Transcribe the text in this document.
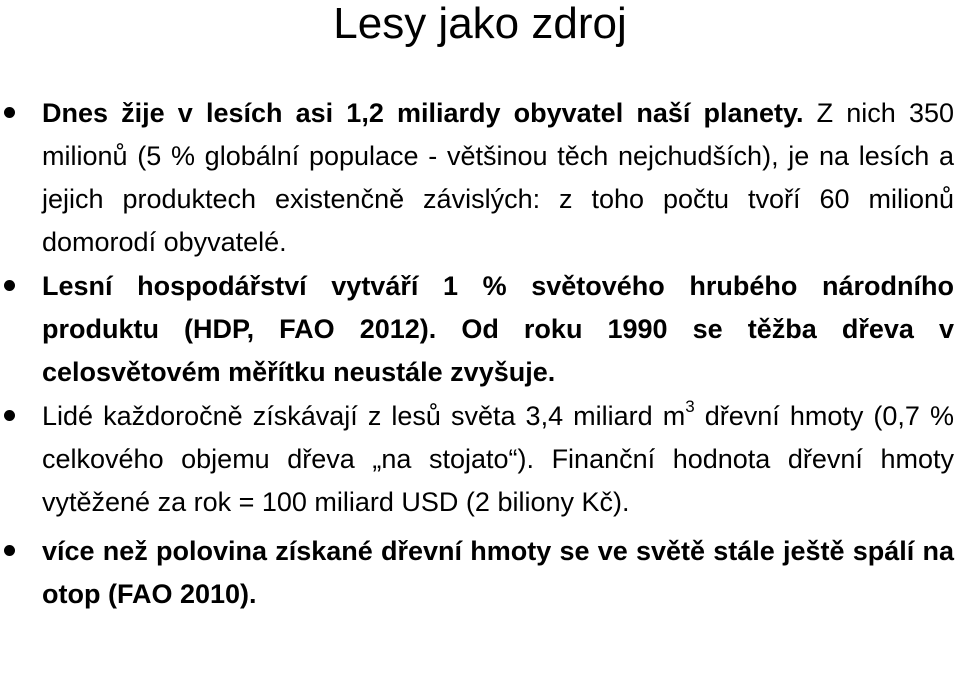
Lesy jako zdroj
Dnes žije v lesích asi 1,2 miliardy obyvatel naší planety. Z nich 350 milionů (5 % globální populace - většinou těch nejchudších), je na lesích a jejich produktech existenčně závislých: z toho počtu tvoří 60 milionů domorodí obyvatelé.
Lesní hospodářství vytváří 1 % světového hrubého národního produktu (HDP, FAO 2012). Od roku 1990 se těžba dřeva v celosvětovém měřítku neustále zvyšuje.
Lidé každoročně získávají z lesů světa 3,4 miliard $m^3$ dřevní hmoty (0,7 % celkového objemu dřeva „na stojato“). Finanční hodnota dřevní hmoty vytěžené za rok = 100 miliard USD (2 biliony Kč).
více než polovina získané dřevní hmoty se ve světě stále ještě spálí na otop (FAO 2010).
